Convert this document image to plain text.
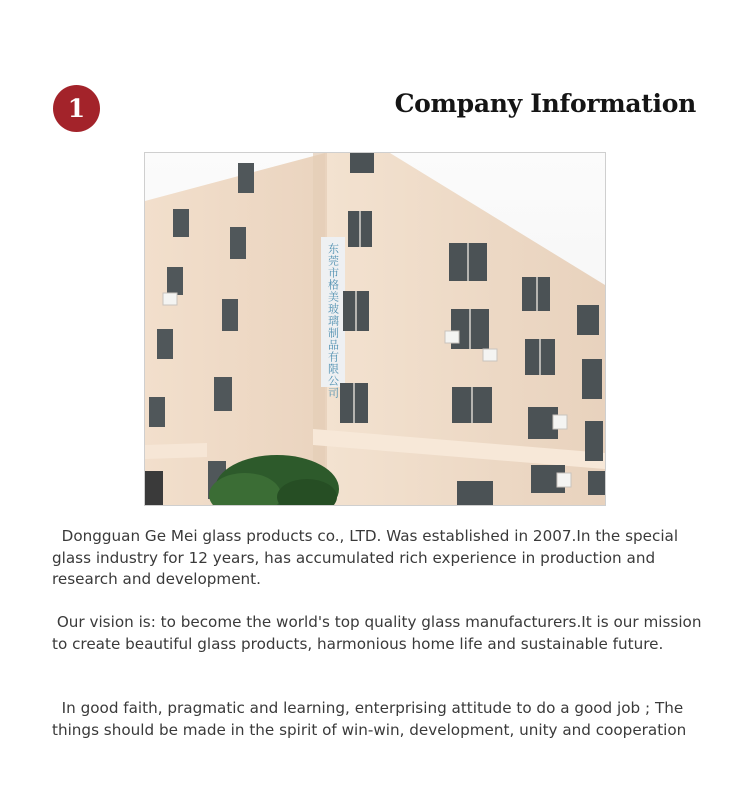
1	Company Information
东莞市格美玻璃制品有限公司

Dongguan Ge Mei glass products co., LTD. Was established in 2007.In the special glass industry for 12 years, has accumulated rich experience in production and research and development.

Our vision is: to become the world's top quality glass manufacturers.It is our mission to create beautiful glass products, harmonious home life and sustainable future.

In good faith, pragmatic and learning, enterprising attitude to do a good job ; The things should be made in the spirit of win-win, development, unity and cooperation
